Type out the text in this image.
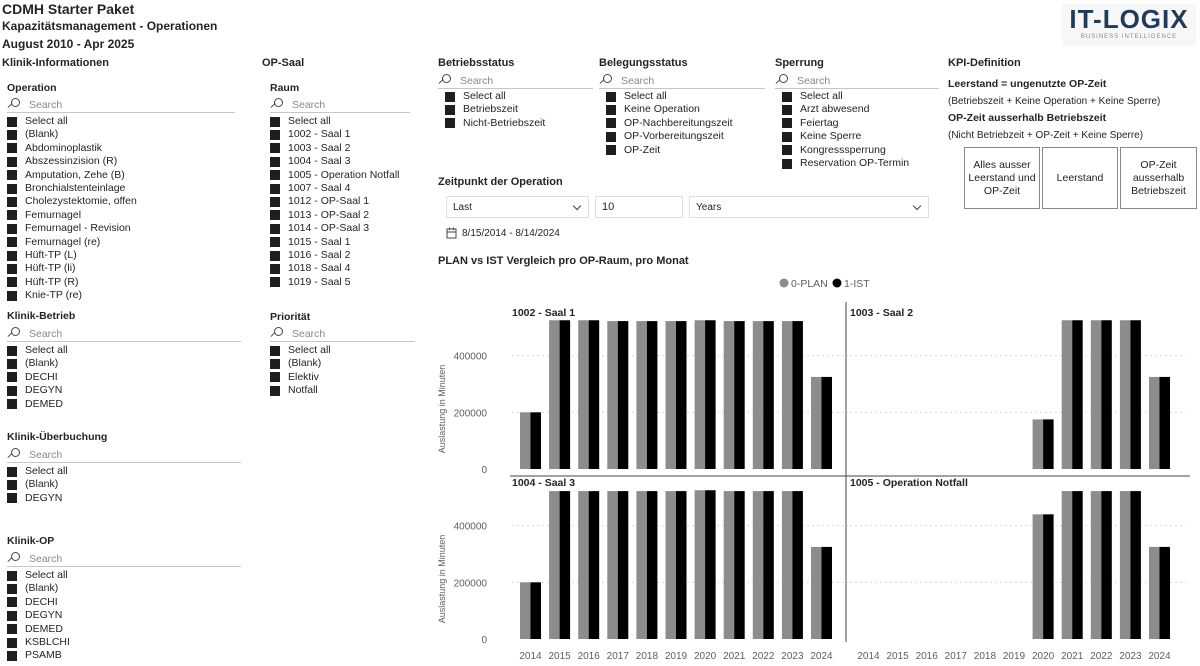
CDMH Starter Paket
Kapazitätsmanagement - Operationen
August 2010 - Apr 2025
IT-LOGIX
BUSINESS INTELLIGENCE
Klinik-Informationen
Operation
Search
Select all
(Blank)
Abdominoplastik
Abszessinzision (R)
Amputation, Zehe (B)
Bronchialstenteinlage
Cholezystektomie, offen
Femurnagel
Femurnagel - Revision
Femurnagel (re)
Hüft-TP (L)
Hüft-TP (li)
Hüft-TP (R)
Knie-TP (re)
Klinik-Betrieb
Search
Select all
(Blank)
DECHI
DEGYN
DEMED
Klinik-Überbuchung
Search
Select all
(Blank)
DEGYN
Klinik-OP
Search
Select all
(Blank)
DECHI
DEGYN
DEMED
KSBLCHI
PSAMB
OP-Saal
Raum
Search
Select all
1002 - Saal 1
1003 - Saal 2
1004 - Saal 3
1005 - Operation Notfall
1007 - Saal 4
1012 - OP-Saal 1
1013 - OP-Saal 2
1014 - OP-Saal 3
1015 - Saal 1
1016 - Saal 2
1018 - Saal 4
1019 - Saal 5
Priorität
Search
Select all
(Blank)
Elektiv
Notfall
Betriebsstatus
Search
Select all
Betriebszeit
Nicht-Betriebszeit
Belegungsstatus
Search
Select all
Keine Operation
OP-Nachbereitungszeit
OP-Vorbereitungszeit
OP-Zeit
Sperrung
Search
Select all
Arzt abwesend
Feiertag
Keine Sperre
Kongresssperrung
Reservation OP-Termin
Zeitpunkt der Operation
Last	10	Years
8/15/2014 - 8/14/2024
KPI-Definition
Leerstand = ungenutzte OP-Zeit
(Betriebszeit + Keine Operation + Keine Sperre)
OP-Zeit ausserhalb Betriebszeit
(Nicht Betriebzeit + OP-Zeit + Keine Sperre)
Alles ausser Leerstand und OP-Zeit
Leerstand
OP-Zeit ausserhalb Betriebszeit
PLAN vs IST Vergleich pro OP-Raum, pro Monat
0-PLAN 1-IST
Auslastung in Minuten
0
200000
400000
Auslastung in Minuten
0
200000
400000
1002 - Saal 1	1003 - Saal 2
1004 - Saal 3	1005 - Operation Notfall
2014 2015 2016 2017 2018 2019 2020 2021 2022 2023 2024 2014 2015 2016 2017 2018 2019 2020 2021 2022 2023 2024
